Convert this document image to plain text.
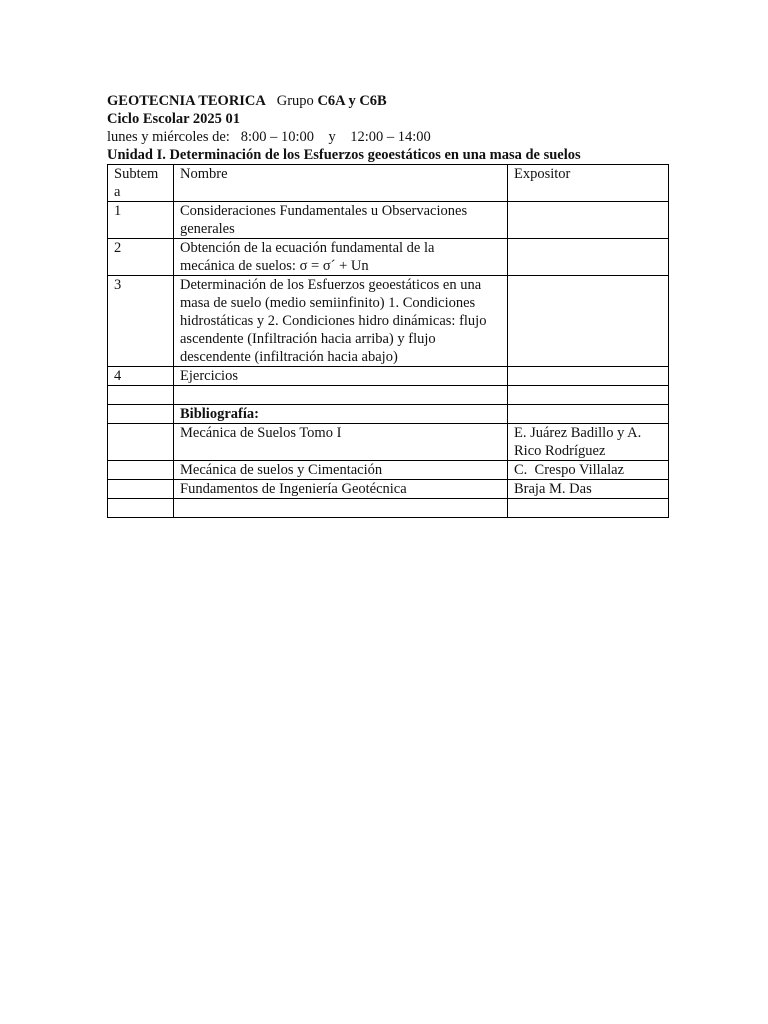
GEOTECNIA TEORICA Grupo C6A y C6B
Ciclo Escolar 2025 01
lunes y miércoles de: 8:00 – 10:00 y 12:00 – 14:00
Unidad I. Determinación de los Esfuerzos geoestáticos en una masa de suelos
Subtem
a	Nombre	Expositor
1	Consideraciones Fundamentales u Observaciones
generales	

2	Obtención de la ecuación fundamental de la
mecánica de suelos: σ = σ´ + Un	

3	Determinación de los Esfuerzos geoestáticos en una
masa de suelo (medio semiinfinito) 1. Condiciones
hidrostáticas y 2. Condiciones hidro dinámicas: flujo
ascendente (Infiltración hacia arriba) y flujo
descendente (infiltración hacia abajo)	

4	Ejercicios	

	Bibliografía:	
	Mecánica de Suelos Tomo I	E. Juárez Badillo y A.
Rico Rodríguez

	Mecánica de suelos y Cimentación	C.  Crespo Villalaz
	Fundamentos de Ingeniería Geotécnica	Braja M. Das
